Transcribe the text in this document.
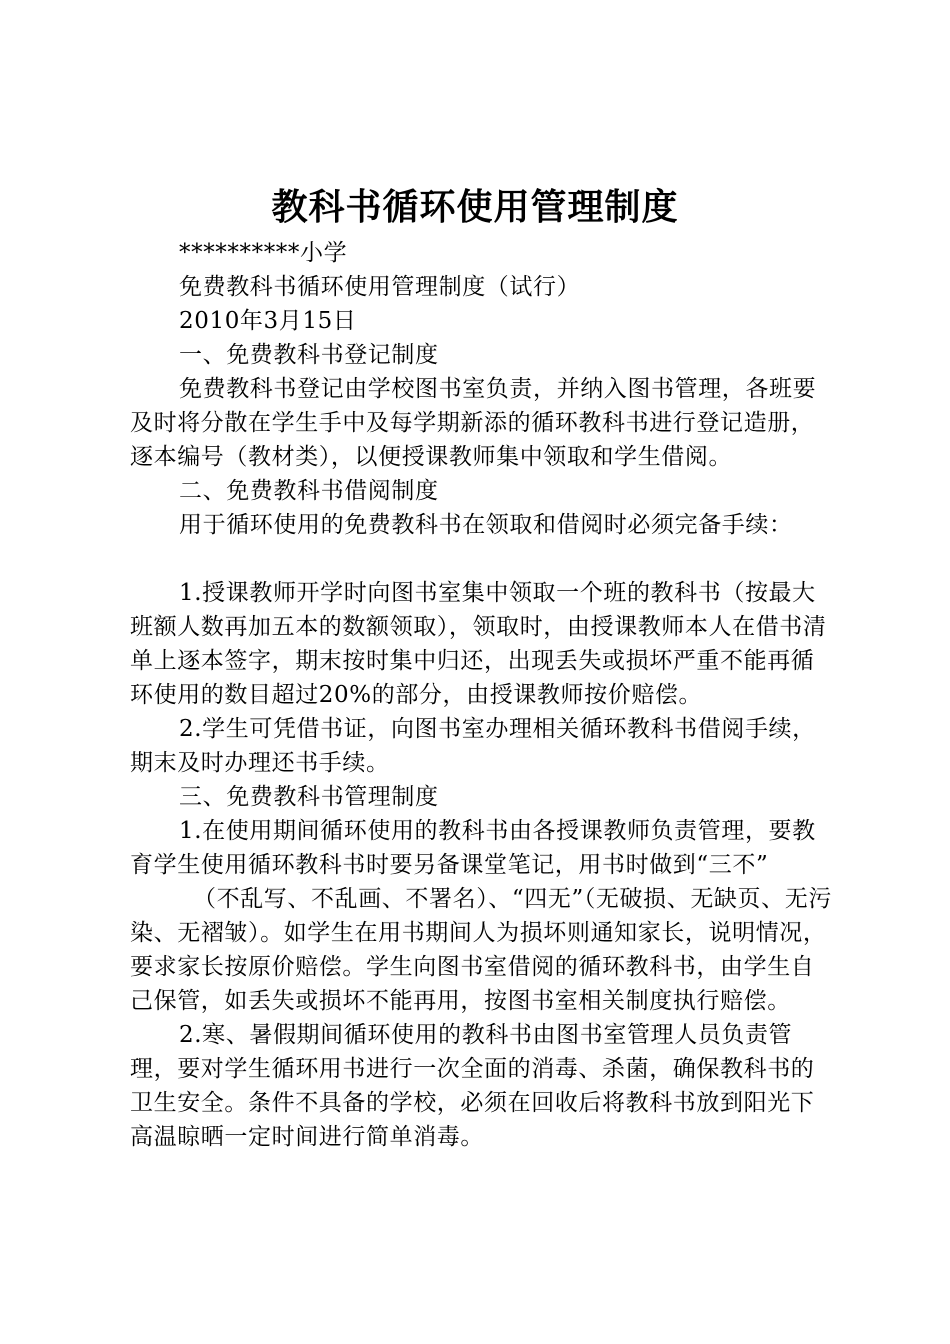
教科书循环使用管理制度

**********小学

免费教科书循环使用管理制度（试行）

2010年3月15日

一、免费教科书登记制度

免费教科书登记由学校图书室负责，并纳入图书管理，各班要及时将分散在学生手中及每学期新添的循环教科书进行登记造册，逐本编号（教材类），以便授课教师集中领取和学生借阅。

二、免费教科书借阅制度

用于循环使用的免费教科书在领取和借阅时必须完备手续：

1.授课教师开学时向图书室集中领取一个班的教科书（按最大班额人数再加五本的数额领取），领取时，由授课教师本人在借书清单上逐本签字，期末按时集中归还，出现丢失或损坏严重不能再循环使用的数目超过20%的部分，由授课教师按价赔偿。

2.学生可凭借书证，向图书室办理相关循环教科书借阅手续，期末及时办理还书手续。

三、免费教科书管理制度

1.在使用期间循环使用的教科书由各授课教师负责管理，要教育学生使用循环教科书时要另备课堂笔记，用书时做到“三不”

（不乱写、不乱画、不署名）、“四无”（无破损、无缺页、无污染、无褶皱）。如学生在用书期间人为损坏则通知家长，说明情况，要求家长按原价赔偿。学生向图书室借阅的循环教科书，由学生自己保管，如丢失或损坏不能再用，按图书室相关制度执行赔偿。

2.寒、暑假期间循环使用的教科书由图书室管理人员负责管理，要对学生循环用书进行一次全面的消毒、杀菌，确保教科书的卫生安全。条件不具备的学校，必须在回收后将教科书放到阳光下高温晾晒一定时间进行简单消毒。
